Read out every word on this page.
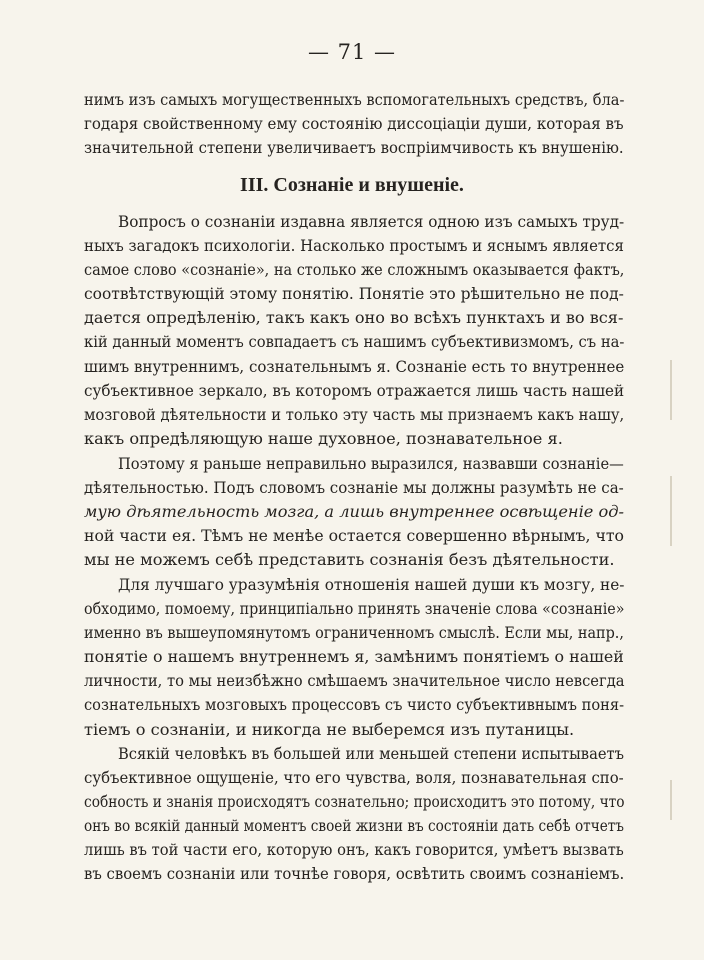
— 71 —
нимъ изъ самыхъ могущественныхъ вспомогательныхъ средствъ, бла-
годаря свойственному ему состоянію диссоціаціи души, которая въ
значительной степени увеличиваетъ воспріимчивость къ внушенію.
III. Сознаніе и внушеніе.
Вопросъ о сознаніи издавна является одною изъ самыхъ труд-
ныхъ загадокъ психологіи. Насколько простымъ и яснымъ является
самое слово «сознаніе», на столько же сложнымъ оказывается фактъ,
соотвѣтствующій этому понятію. Понятіе это рѣшительно не под-
дается опредѣленію, такъ какъ оно во всѣхъ пунктахъ и во вся-
кій данный моментъ совпадаетъ съ нашимъ субъективизмомъ, съ на-
шимъ внутреннимъ, сознательнымъ я. Сознаніе есть то внутреннее
субъективное зеркало, въ которомъ отражается лишь часть нашей
мозговой дѣятельности и только эту часть мы признаемъ какъ нашу,
какъ опредѣляющую наше духовное, познавательное я.
Поэтому я раньше неправильно выразился, назвавши сознаніе—
дѣятельностью. Подъ словомъ сознаніе мы должны разумѣть не са-
мую дѣятельность мозга, а лишь внутреннее освѣщеніе од-
ной части ея. Тѣмъ не менѣе остается совершенно вѣрнымъ, что
мы не можемъ себѣ представить сознанія безъ дѣятельности.
Для лучшаго уразумѣнія отношенія нашей души къ мозгу, не-
обходимо, помоему, принципіально принять значеніе слова «сознаніе»
именно въ вышеупомянутомъ ограниченномъ смыслѣ. Если мы, напр.,
понятіе о нашемъ внутреннемъ я, замѣнимъ понятіемъ о нашей
личности, то мы неизбѣжно смѣшаемъ значительное число невсегда
сознательныхъ мозговыхъ процессовъ съ чисто субъективнымъ поня-
тіемъ о сознаніи, и никогда не выберемся изъ путаницы.
Всякій человѣкъ въ большей или меньшей степени испытываетъ
субъективное ощущеніе, что его чувства, воля, познавательная спо-
собность и знанія происходятъ сознательно; происходитъ это потому, что
онъ во всякій данный моментъ своей жизни въ состояніи дать себѣ отчетъ
лишь въ той части его, которую онъ, какъ говорится, умѣетъ вызвать
въ своемъ сознаніи или точнѣе говоря, освѣтить своимъ сознаніемъ.
